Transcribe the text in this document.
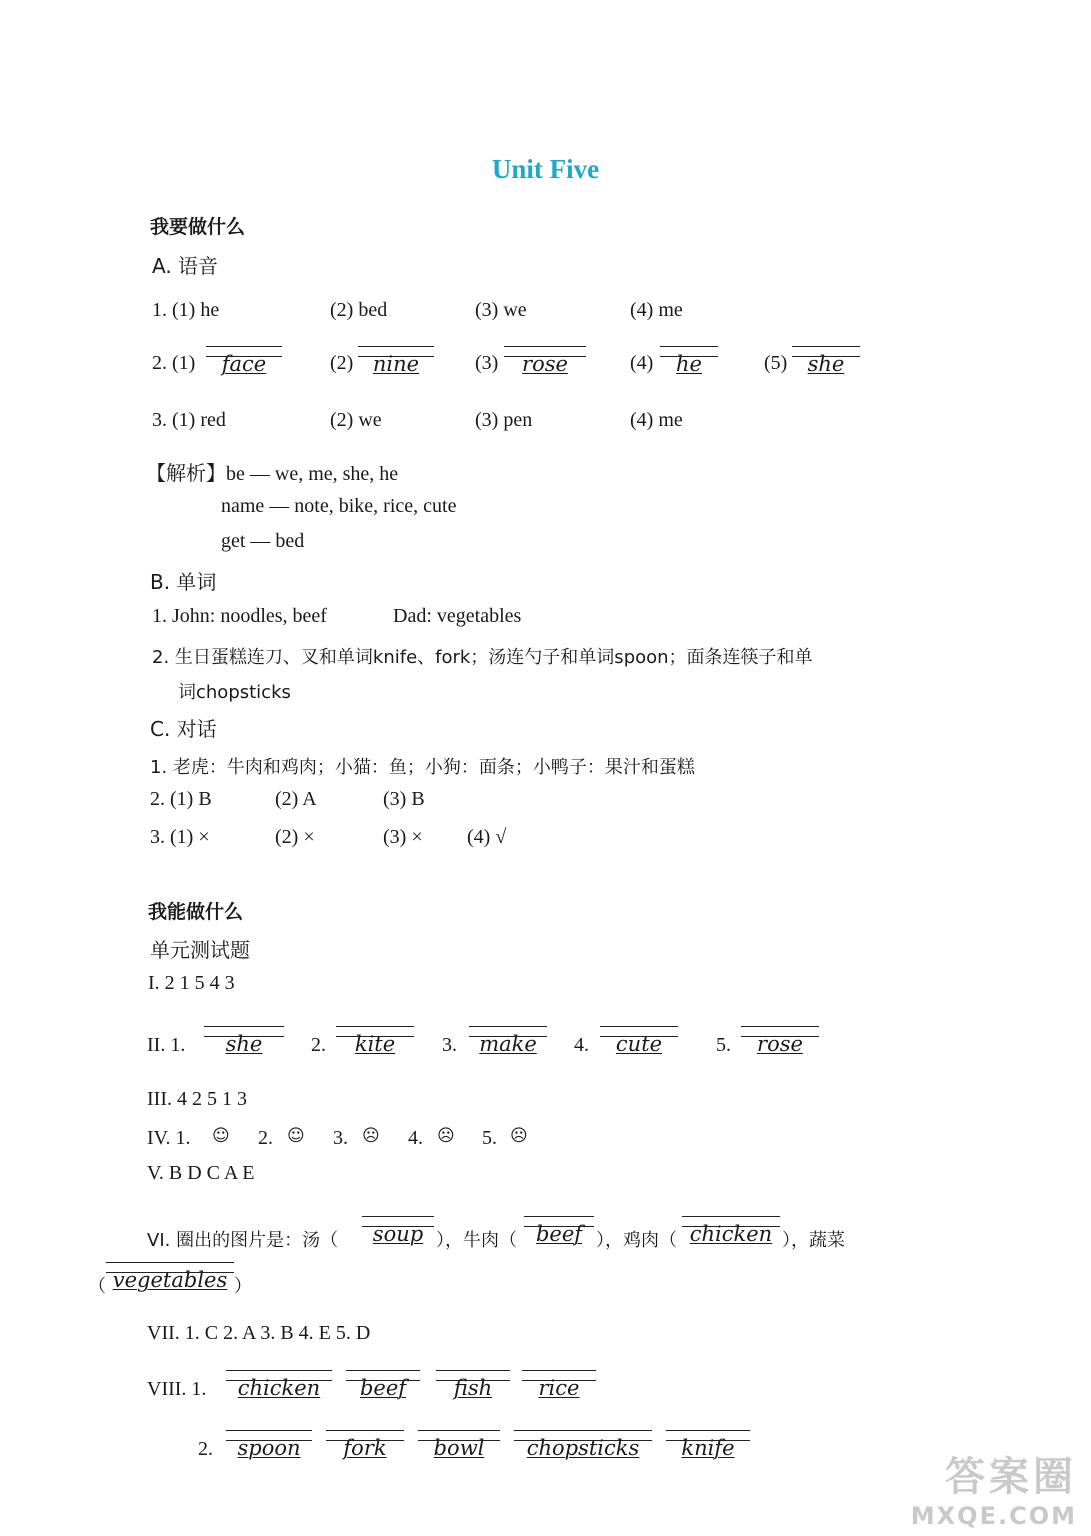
Unit Five
我要做什么
A. 语音
1. (1) he	(2) bed	(3) we	(4) me
2. (1)	face	(2) nine	(3)	rose	(4)	he	(5) she
3. (1) red	(2) we	(3) pen	(4) me
【解析】be — we, me, she, he
name — note, bike, rice, cute
get — bed
B. 单词
1. John: noodles, beef	Dad: vegetables
2. 生日蛋糕连刀、叉和单词knife、fork；汤连勺子和单词spoon；面条连筷子和单
词chopsticks
C. 对话
1. 老虎：牛肉和鸡肉；小猫：鱼；小狗：面条；小鸭子：果汁和蛋糕
2. (1) B	(2) A	(3) B
3. (1) ×	(2) ×	(3) × (4) √
我能做什么
单元测试题
I. 2 1 5 4 3
II. 1.	she	2.	kite	3.	make	4.	cute	5.	rose
III. 4 2 5 1 3
IV. 1. ☺ 2. ☺ 3. ☹ 4. ☹ 5. ☹
V. B D C A E
VI. 圈出的图片是：汤（	soup ），牛肉（ beef ），鸡肉（ chicken ），蔬菜
（ vegetables ）
VII. 1. C 2. A 3. B 4. E 5. D
VIII. 1.	chicken	beef	fish	rice
2.	spoon	fork	bowl	chopsticks	knife
答案圈
MXQE.COM
